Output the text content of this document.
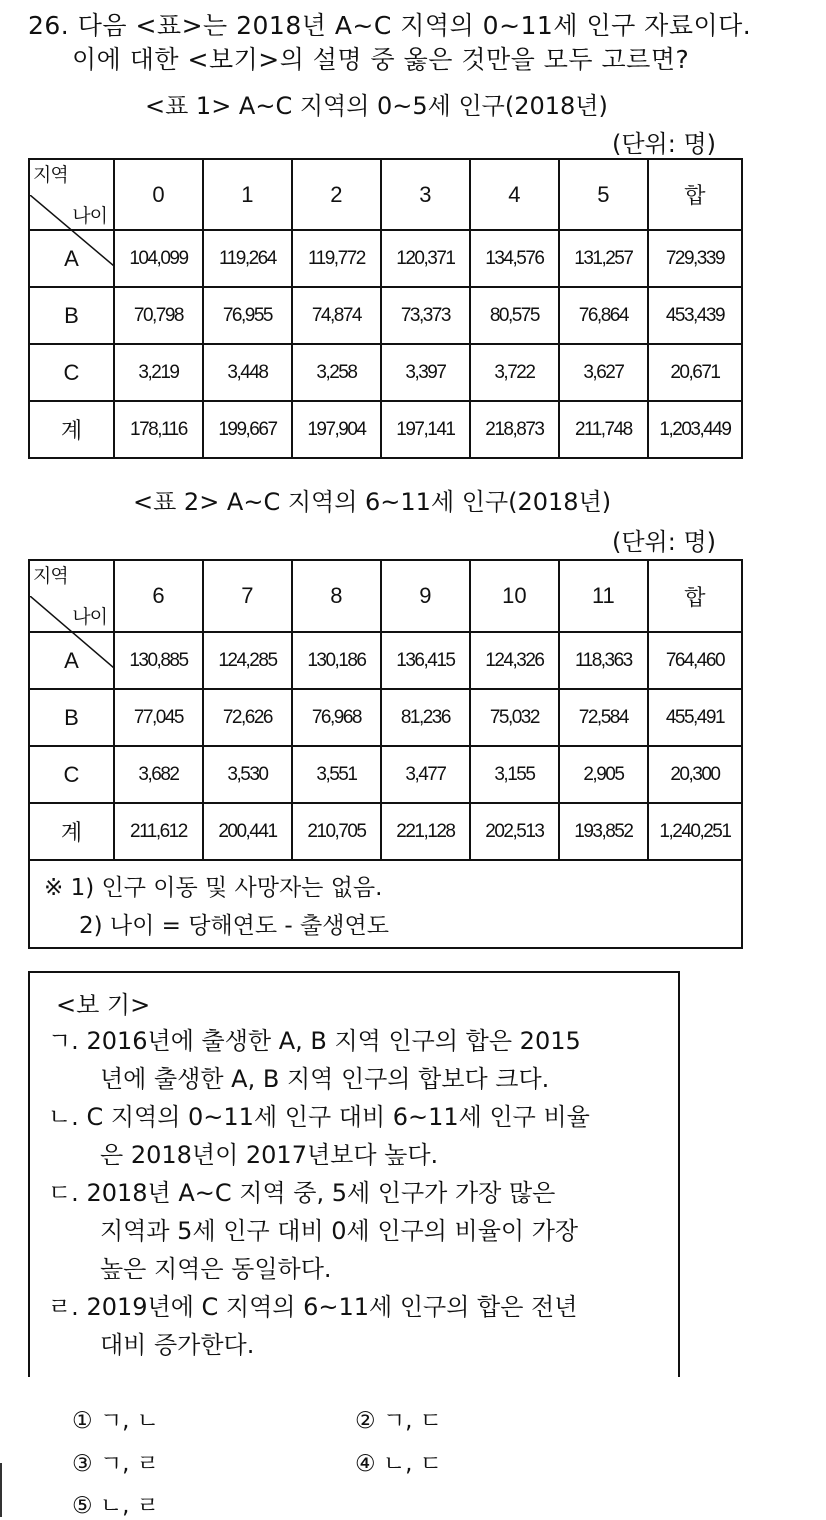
26. 다음 <표>는 2018년 A~C 지역의 0~11세 인구 자료이다.
이에 대한 <보기>의 설명 중 옳은 것만을 모두 고르면?
<표 1> A~C 지역의 0~5세 인구(2018년)
(단위: 명)
나이
지역	0	1	2	3	4	5	합
A	104,099	119,264	119,772	120,371	134,576	131,257	729,339
B	70,798	76,955	74,874	73,373	80,575	76,864	453,439
C	3,219	3,448	3,258	3,397	3,722	3,627	20,671
계	178,116	199,667	197,904	197,141	218,873	211,748	1,203,449
<표 2> A~C 지역의 6~11세 인구(2018년)
(단위: 명)
나이
지역	6	7	8	9	10	11	합
A	130,885	124,285	130,186	136,415	124,326	118,363	764,460
B	77,045	72,626	76,968	81,236	75,032	72,584	455,491
C	3,682	3,530	3,551	3,477	3,155	2,905	20,300
계	211,612	200,441	210,705	221,128	202,513	193,852	1,240,251
※ 1) 인구 이동 및 사망자는 없음.
2) 나이 = 당해연도 - 출생연도
<보 기>
ㄱ. 2016년에 출생한 A, B 지역 인구의 합은 2015
년에 출생한 A, B 지역 인구의 합보다 크다.
ㄴ. C 지역의 0~11세 인구 대비 6~11세 인구 비율
은 2018년이 2017년보다 높다.
ㄷ. 2018년 A~C 지역 중, 5세 인구가 가장 많은
지역과 5세 인구 대비 0세 인구의 비율이 가장
높은 지역은 동일하다.
ㄹ. 2019년에 C 지역의 6~11세 인구의 합은 전년
대비 증가한다.
① ㄱ, ㄴ	② ㄱ, ㄷ
③ ㄱ, ㄹ	④ ㄴ, ㄷ
⑤ ㄴ, ㄹ
